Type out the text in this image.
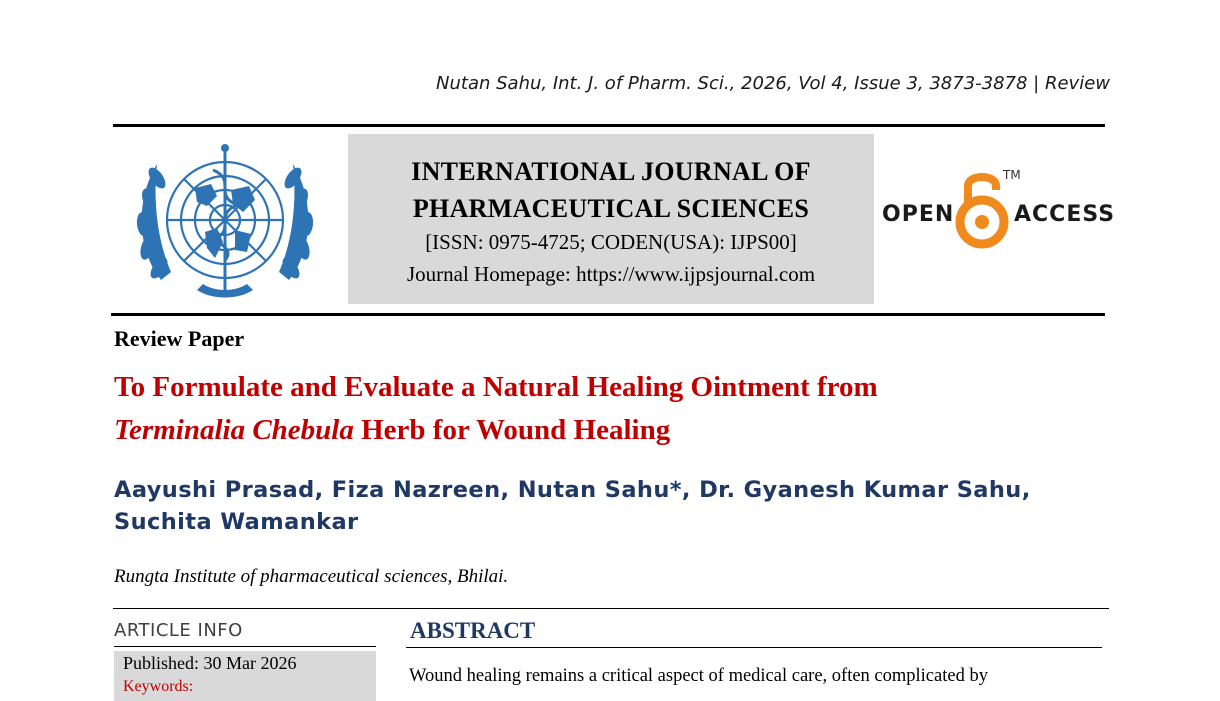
Nutan Sahu, Int. J. of Pharm. Sci., 2026, Vol 4, Issue 3, 3873-3878 | Review
INTERNATIONAL JOURNAL OF
PHARMACEUTICAL SCIENCES
[ISSN: 0975-4725; CODEN(USA): IJPS00]
Journal Homepage: https://www.ijpsjournal.com
OPEN
TM
ACCESS
Review Paper
To Formulate and Evaluate a Natural Healing Ointment from
Terminalia Chebula Herb for Wound Healing
Aayushi Prasad, Fiza Nazreen, Nutan Sahu*, Dr. Gyanesh Kumar Sahu, Suchita Wamankar
Rungta Institute of pharmaceutical sciences, Bhilai.
ARTICLE INFO
Published: 30 Mar 2026
Keywords:
ABSTRACT
Wound healing remains a critical aspect of medical care, often complicated by
